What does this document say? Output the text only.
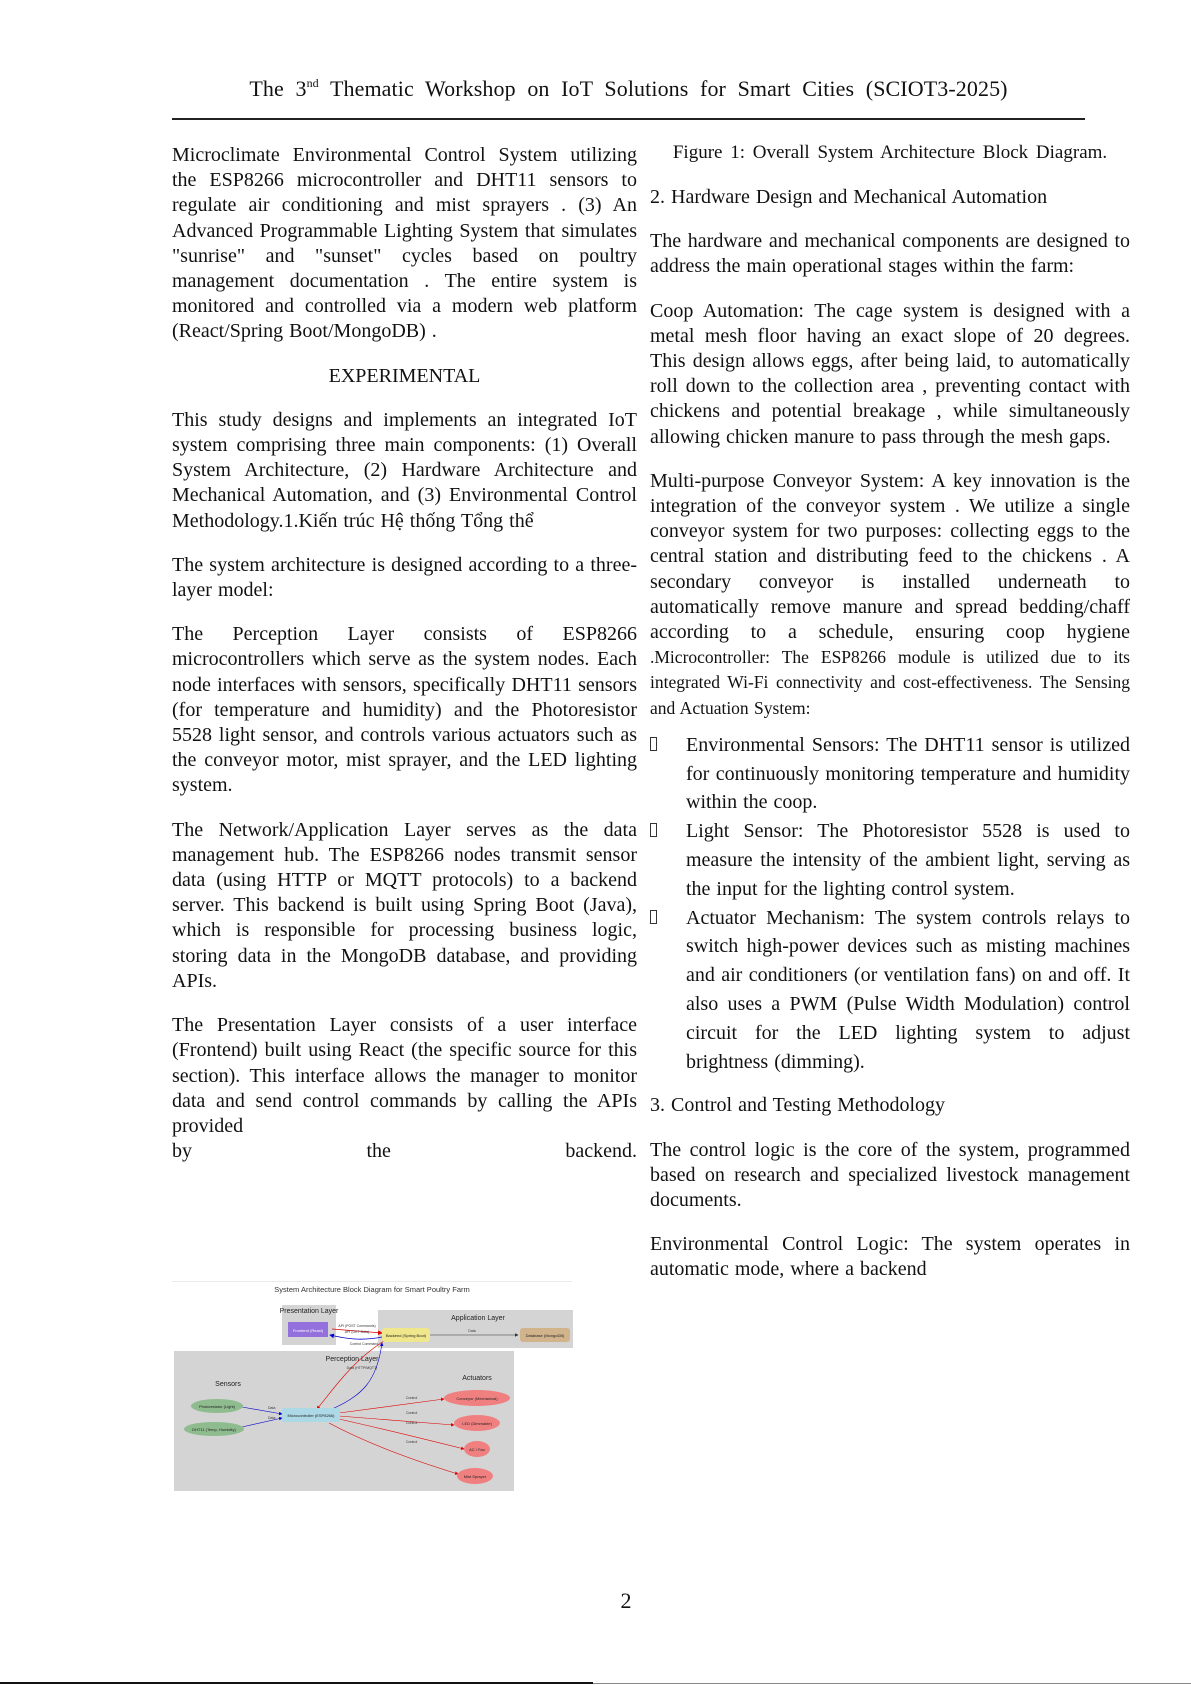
The 3nd Thematic Workshop on IoT Solutions for Smart Cities (SCIOT3-2025)

Microclimate Environmental Control System utilizing the ESP8266 microcontroller and DHT11 sensors to regulate air conditioning and mist sprayers . (3) An Advanced Programmable Lighting System that simulates "sunrise" and "sunset" cycles based on poultry management documentation . The entire system is monitored and controlled via a modern web platform (React/Spring Boot/MongoDB) .

EXPERIMENTAL

This study designs and implements an integrated IoT system comprising three main components: (1) Overall System Architecture, (2) Hardware Architecture and Mechanical Automation, and (3) Environmental Control Methodology.1.Kiến trúc Hệ thống Tổng thể

The system architecture is designed according to a three-layer model:

The Perception Layer consists of ESP8266 microcontrollers which serve as the system nodes. Each node interfaces with sensors, specifically DHT11 sensors (for temperature and humidity) and the Photoresistor 5528 light sensor, and controls various actuators such as the conveyor motor, mist sprayer, and the LED lighting system.

The Network/Application Layer serves as the data management hub. The ESP8266 nodes transmit sensor data (using HTTP or MQTT protocols) to a backend server. This backend is built using Spring Boot (Java), which is responsible for processing business logic, storing data in the MongoDB database, and providing APIs.

The Presentation Layer consists of a user interface (Frontend) built using React (the specific source for this section). This interface allows the manager to monitor data and send control commands by calling the APIs provided

by the backend.

System Architecture Block Diagram for Smart Poultry Farm
Presentation Layer
Application Layer
Perception Layer
Sensors
Actuators
API (POST Commands)
API (GET Data)	Data
Control Command
Data (HTTP/MQTT)
Data
Data
Control
Control
Control
Control
Frontend (React)
Backend (Spring Boot)	Database (MongoDB)
Microcontroller (ESP8266)
Photoresistor (Light)
DHT11 (Temp, Humidity)
Conveyor (Mechanical)
LED (Dimmable)
AC / Fan
Mist Sprayer

Figure 1: Overall System Architecture Block Diagram.

2. Hardware Design and Mechanical Automation

The hardware and mechanical components are designed to address the main operational stages within the farm:

Coop Automation: The cage system is designed with a metal mesh floor having an exact slope of 20 degrees. This design allows eggs, after being laid, to automatically roll down to the collection area , preventing contact with chickens and potential breakage , while simultaneously allowing chicken manure to pass through the mesh gaps.

Multi-purpose Conveyor System: A key innovation is the integration of the conveyor system . We utilize a single conveyor system for two purposes: collecting eggs to the central station and distributing feed to the chickens . A secondary conveyor is installed underneath to automatically remove manure and spread bedding/chaff according to a schedule, ensuring coop hygiene .Microcontroller: The ESP8266 module is utilized due to its integrated Wi-Fi connectivity and cost-effectiveness. The Sensing and Actuation System:

Environmental Sensors: The DHT11 sensor is utilized for continuously monitoring temperature and humidity within the coop.
Light Sensor: The Photoresistor 5528 is used to measure the intensity of the ambient light, serving as the input for the lighting control system.
Actuator Mechanism: The system controls relays to switch high-power devices such as misting machines and air conditioners (or ventilation fans) on and off. It also uses a PWM (Pulse Width Modulation) control circuit for the LED lighting system to adjust brightness (dimming).

3. Control and Testing Methodology

The control logic is the core of the system, programmed based on research and specialized livestock management documents.

Environmental Control Logic: The system operates in automatic mode, where a backend

2
